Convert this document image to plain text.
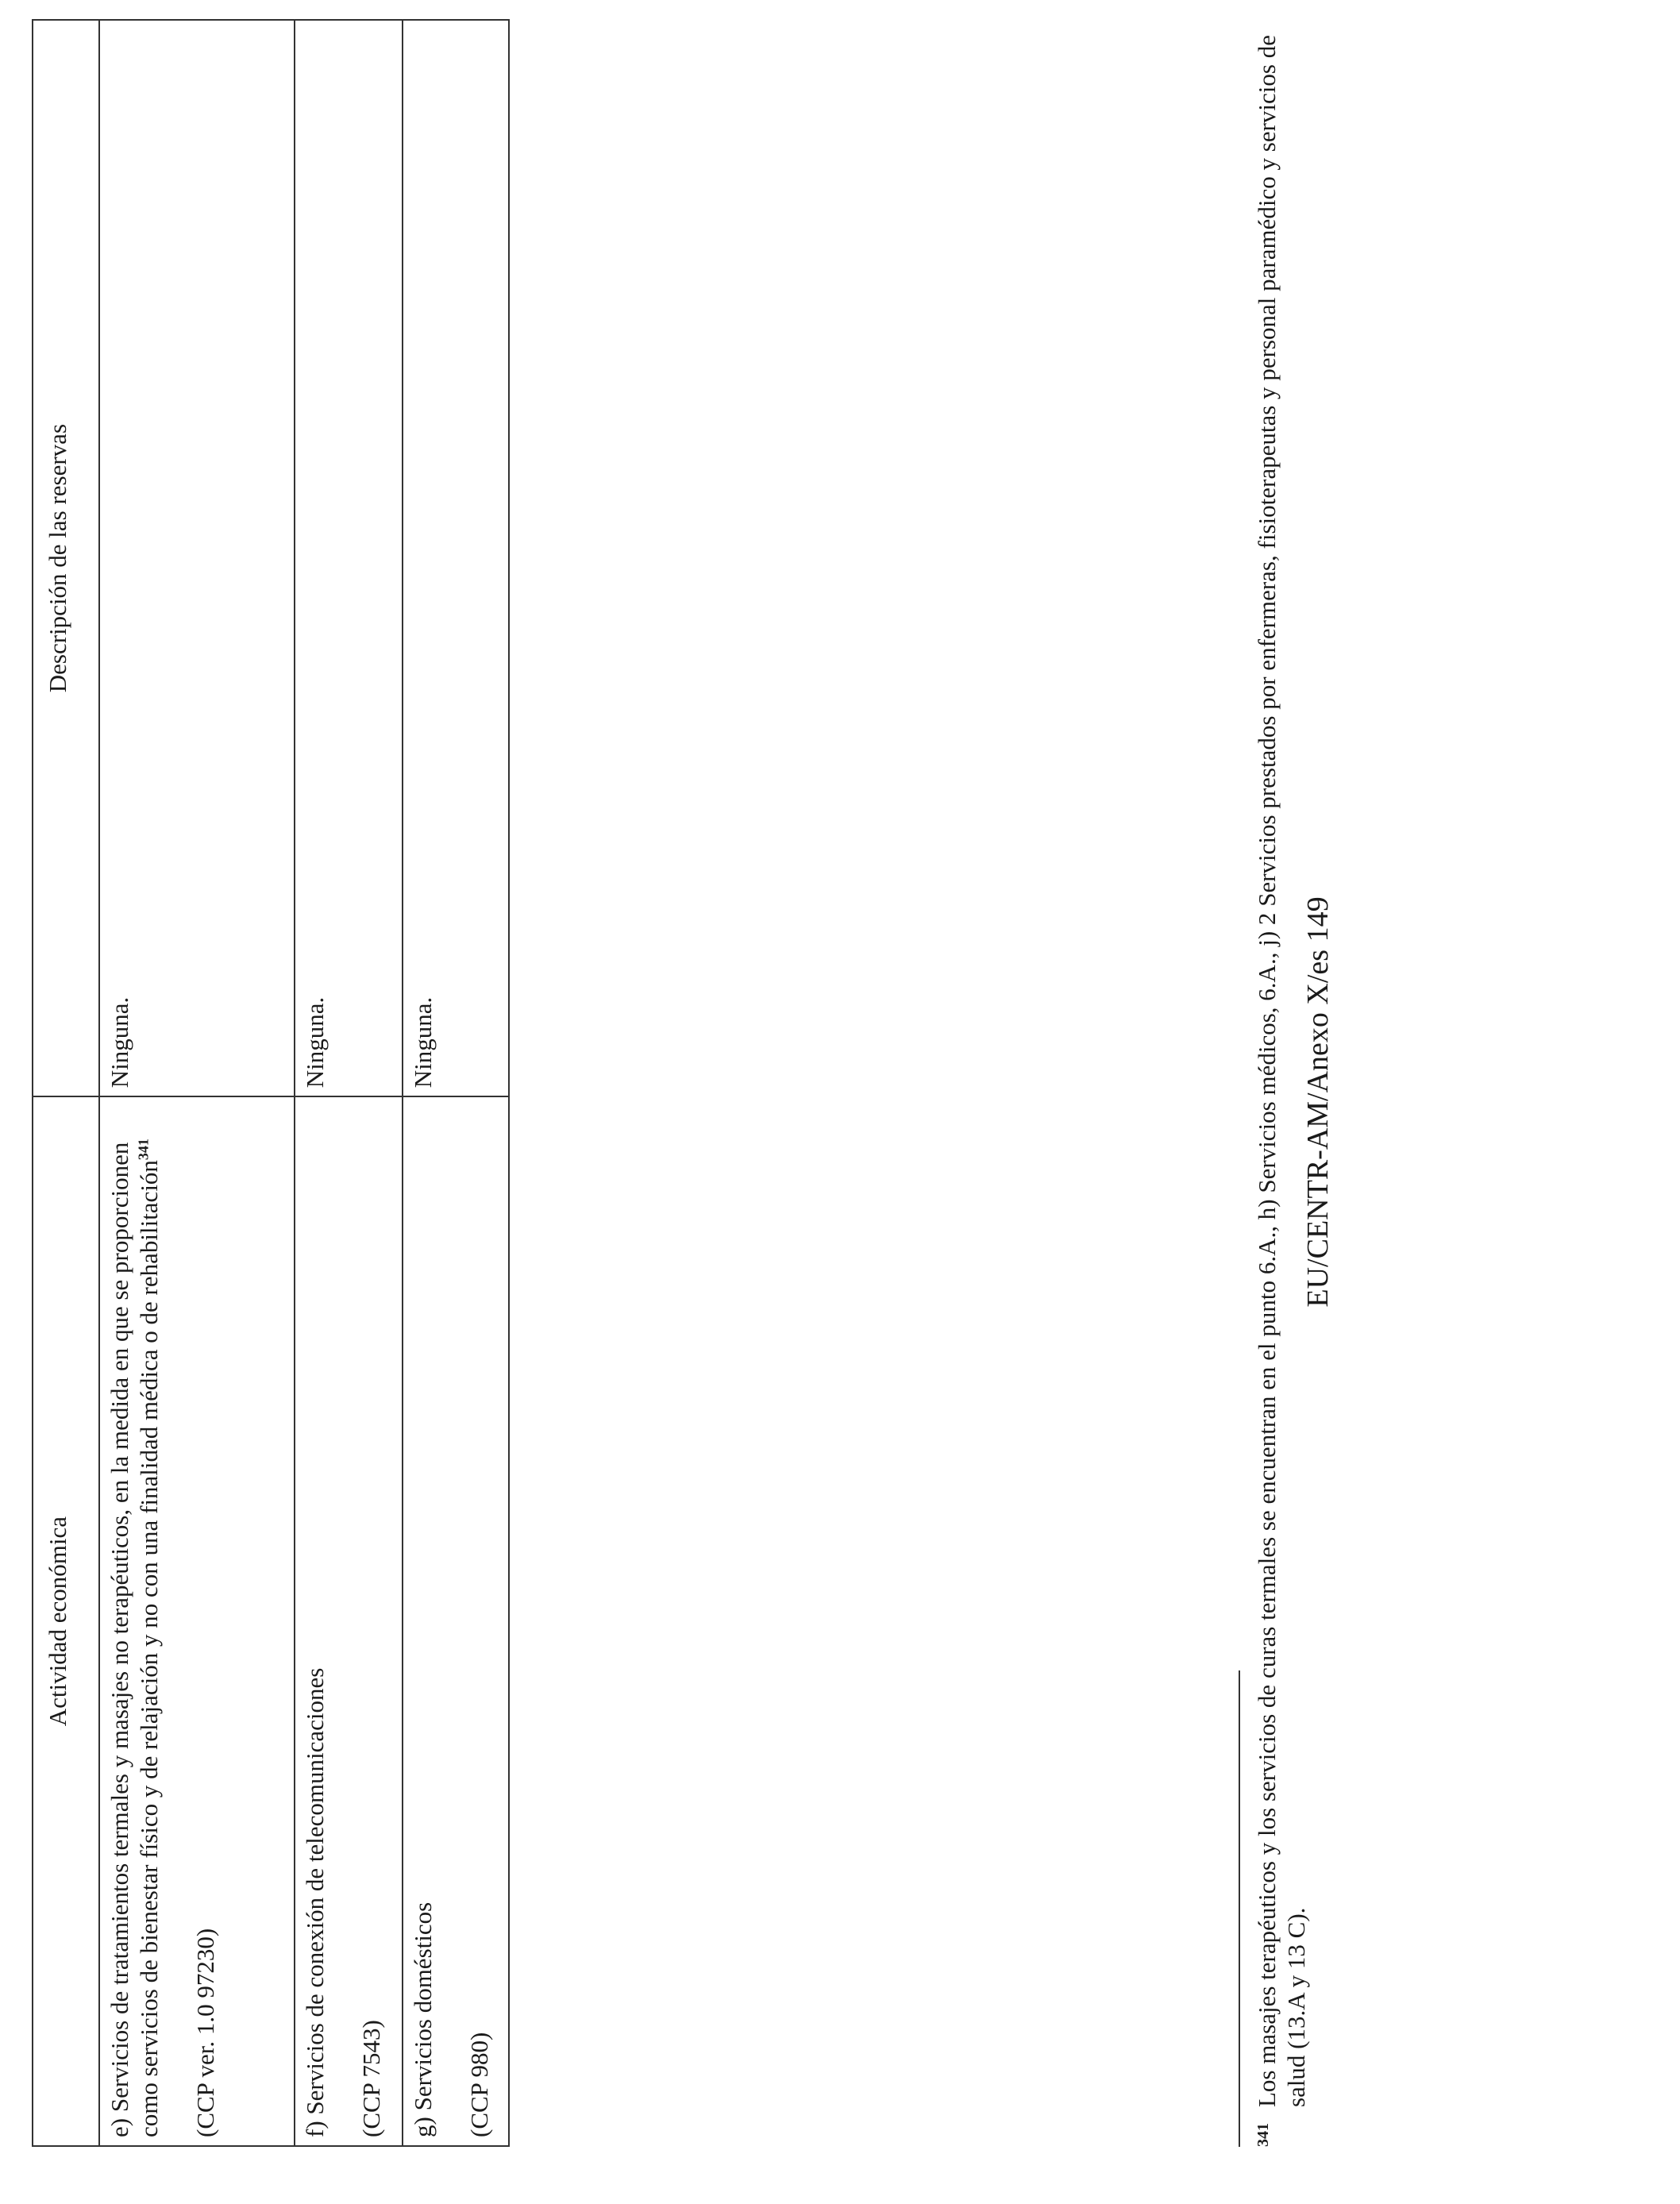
Actividad económica	Descripción de las reservas

e) Servicios de tratamientos termales y masajes no terapéuticos, en la medida en que se proporcionen como servicios de bienestar físico y de relajación y no con una finalidad médica o de rehabilitación$^{341}$

(CCP ver. 1.0 97230)	Ninguna.

f) Servicios de conexión de telecomunicaciones (CCP 7543)	Ninguna.

g) Servicios domésticos (CCP 980)	Ninguna.

341
Los masajes terapéuticos y los servicios de curas termales se encuentran en el punto 6.A., h) Servicios médicos, 6.A., j) 2 Servicios prestados por enfermeras, fisioterapeutas y personal paramédico y servicios de salud (13.A y 13 C).
EU/CENTR-AM/Anexo X/es 149
